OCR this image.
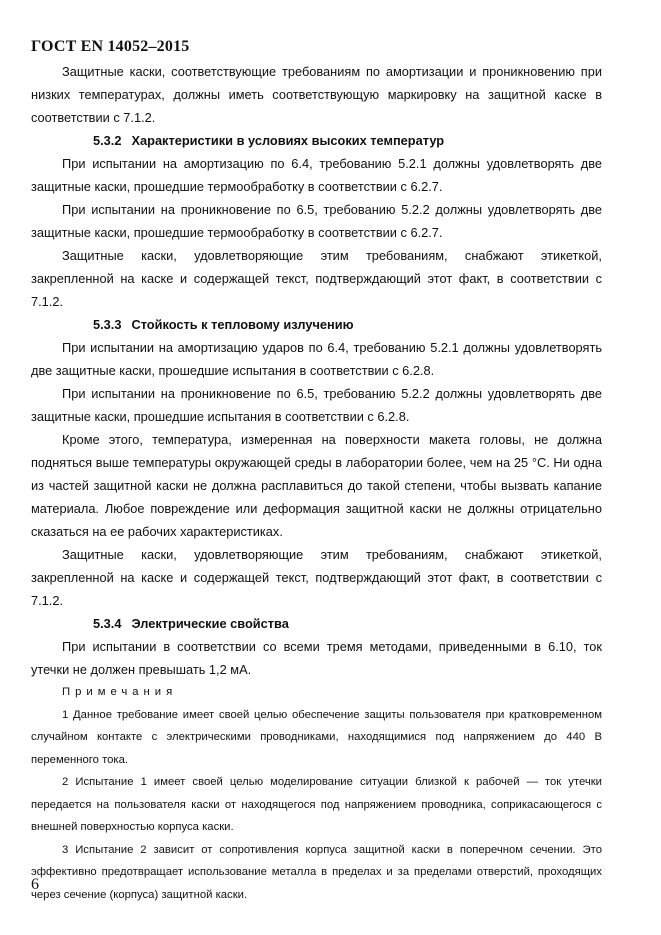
ГОСТ EN 14052–2015

Защитные каски, соответствующие требованиям по амортизации и проникновению при низких температурах, должны иметь соответствующую маркировку на защитной каске в соответствии с 7.1.2.

5.3.2 Характеристики в условиях высоких температур

При испытании на амортизацию по 6.4, требованию 5.2.1 должны удовлетворять две защитные каски, прошедшие термообработку в соответствии с 6.2.7.

При испытании на проникновение по 6.5, требованию 5.2.2 должны удовлетворять две защитные каски, прошедшие термообработку в соответствии с 6.2.7.

Защитные каски, удовлетворяющие этим требованиям, снабжают этикеткой, закрепленной на каске и содержащей текст, подтверждающий этот факт, в соответствии с 7.1.2.

5.3.3 Стойкость к тепловому излучению

При испытании на амортизацию ударов по 6.4, требованию 5.2.1 должны удовлетворять две защитные каски, прошедшие испытания в соответствии с 6.2.8.

При испытании на проникновение по 6.5, требованию 5.2.2 должны удовлетворять две защитные каски, прошедшие испытания в соответствии с 6.2.8.

Кроме этого, температура, измеренная на поверхности макета головы, не должна подняться выше температуры окружающей среды в лаборатории более, чем на 25 °С. Ни одна из частей защитной каски не должна расплавиться до такой степени, чтобы вызвать капание материала. Любое повреждение или деформация защитной каски не должны отрицательно сказаться на ее рабочих характеристиках.

Защитные каски, удовлетворяющие этим требованиям, снабжают этикеткой, закрепленной на каске и содержащей текст, подтверждающий этот факт, в соответствии с 7.1.2.

5.3.4 Электрические свойства

При испытании в соответствии со всеми тремя методами, приведенными в 6.10, ток утечки не должен превышать 1,2 мА.

Примечания

1 Данное требование имеет своей целью обеспечение защиты пользователя при кратковременном случайном контакте с электрическими проводниками, находящимися под напряжением до 440 В переменного тока.

2 Испытание 1 имеет своей целью моделирование ситуации близкой к рабочей — ток утечки передается на пользователя каски от находящегося под напряжением проводника, соприкасающегося с внешней поверхностью корпуса каски.

3 Испытание 2 зависит от сопротивления корпуса защитной каски в поперечном сечении. Это эффективно предотвращает использование металла в пределах и за пределами отверстий, проходящих через сечение (корпуса) защитной каски.

6
